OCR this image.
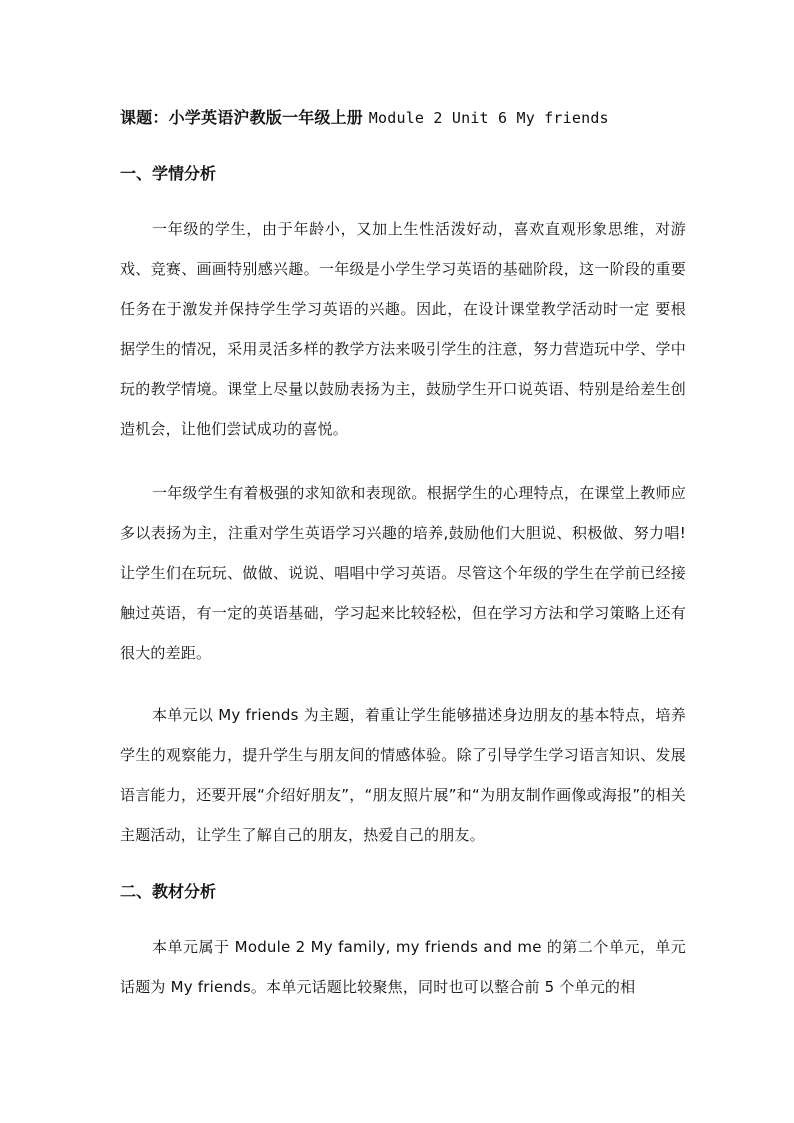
课题：小学英语沪教版一年级上册 Module 2 Unit 6 My friends
一、学情分析
一年级的学生，由于年龄小，又加上生性活泼好动，喜欢直观形象思维，对游戏、竞赛、画画特别感兴趣。一年级是小学生学习英语的基础阶段，这一阶段的重要任务在于激发并保持学生学习英语的兴趣。因此，在设计课堂教学活动时一定 要根据学生的情况，采用灵活多样的教学方法来吸引学生的注意，努力营造玩中学、学中玩的教学情境。课堂上尽量以鼓励表扬为主，鼓励学生开口说英语、特别是给差生创造机会，让他们尝试成功的喜悦。
一年级学生有着极强的求知欲和表现欲。根据学生的心理特点，在课堂上教师应多以表扬为主，注重对学生英语学习兴趣的培养,鼓励他们大胆说、积极做、努力唱!让学生们在玩玩、做做、说说、唱唱中学习英语。尽管这个年级的学生在学前已经接触过英语，有一定的英语基础，学习起来比较轻松，但在学习方法和学习策略上还有很大的差距。
本单元以 My friends 为主题，着重让学生能够描述身边朋友的基本特点，培养学生的观察能力，提升学生与朋友间的情感体验。除了引导学生学习语言知识、发展语言能力，还要开展“介绍好朋友”，“朋友照片展”和“为朋友制作画像或海报”的相关主题活动，让学生了解自己的朋友，热爱自己的朋友。
二、教材分析
本单元属于 Module 2 My family, my friends and me 的第二个单元，单元话题为 My friends。本单元话题比较聚焦，同时也可以整合前 5 个单元的相
